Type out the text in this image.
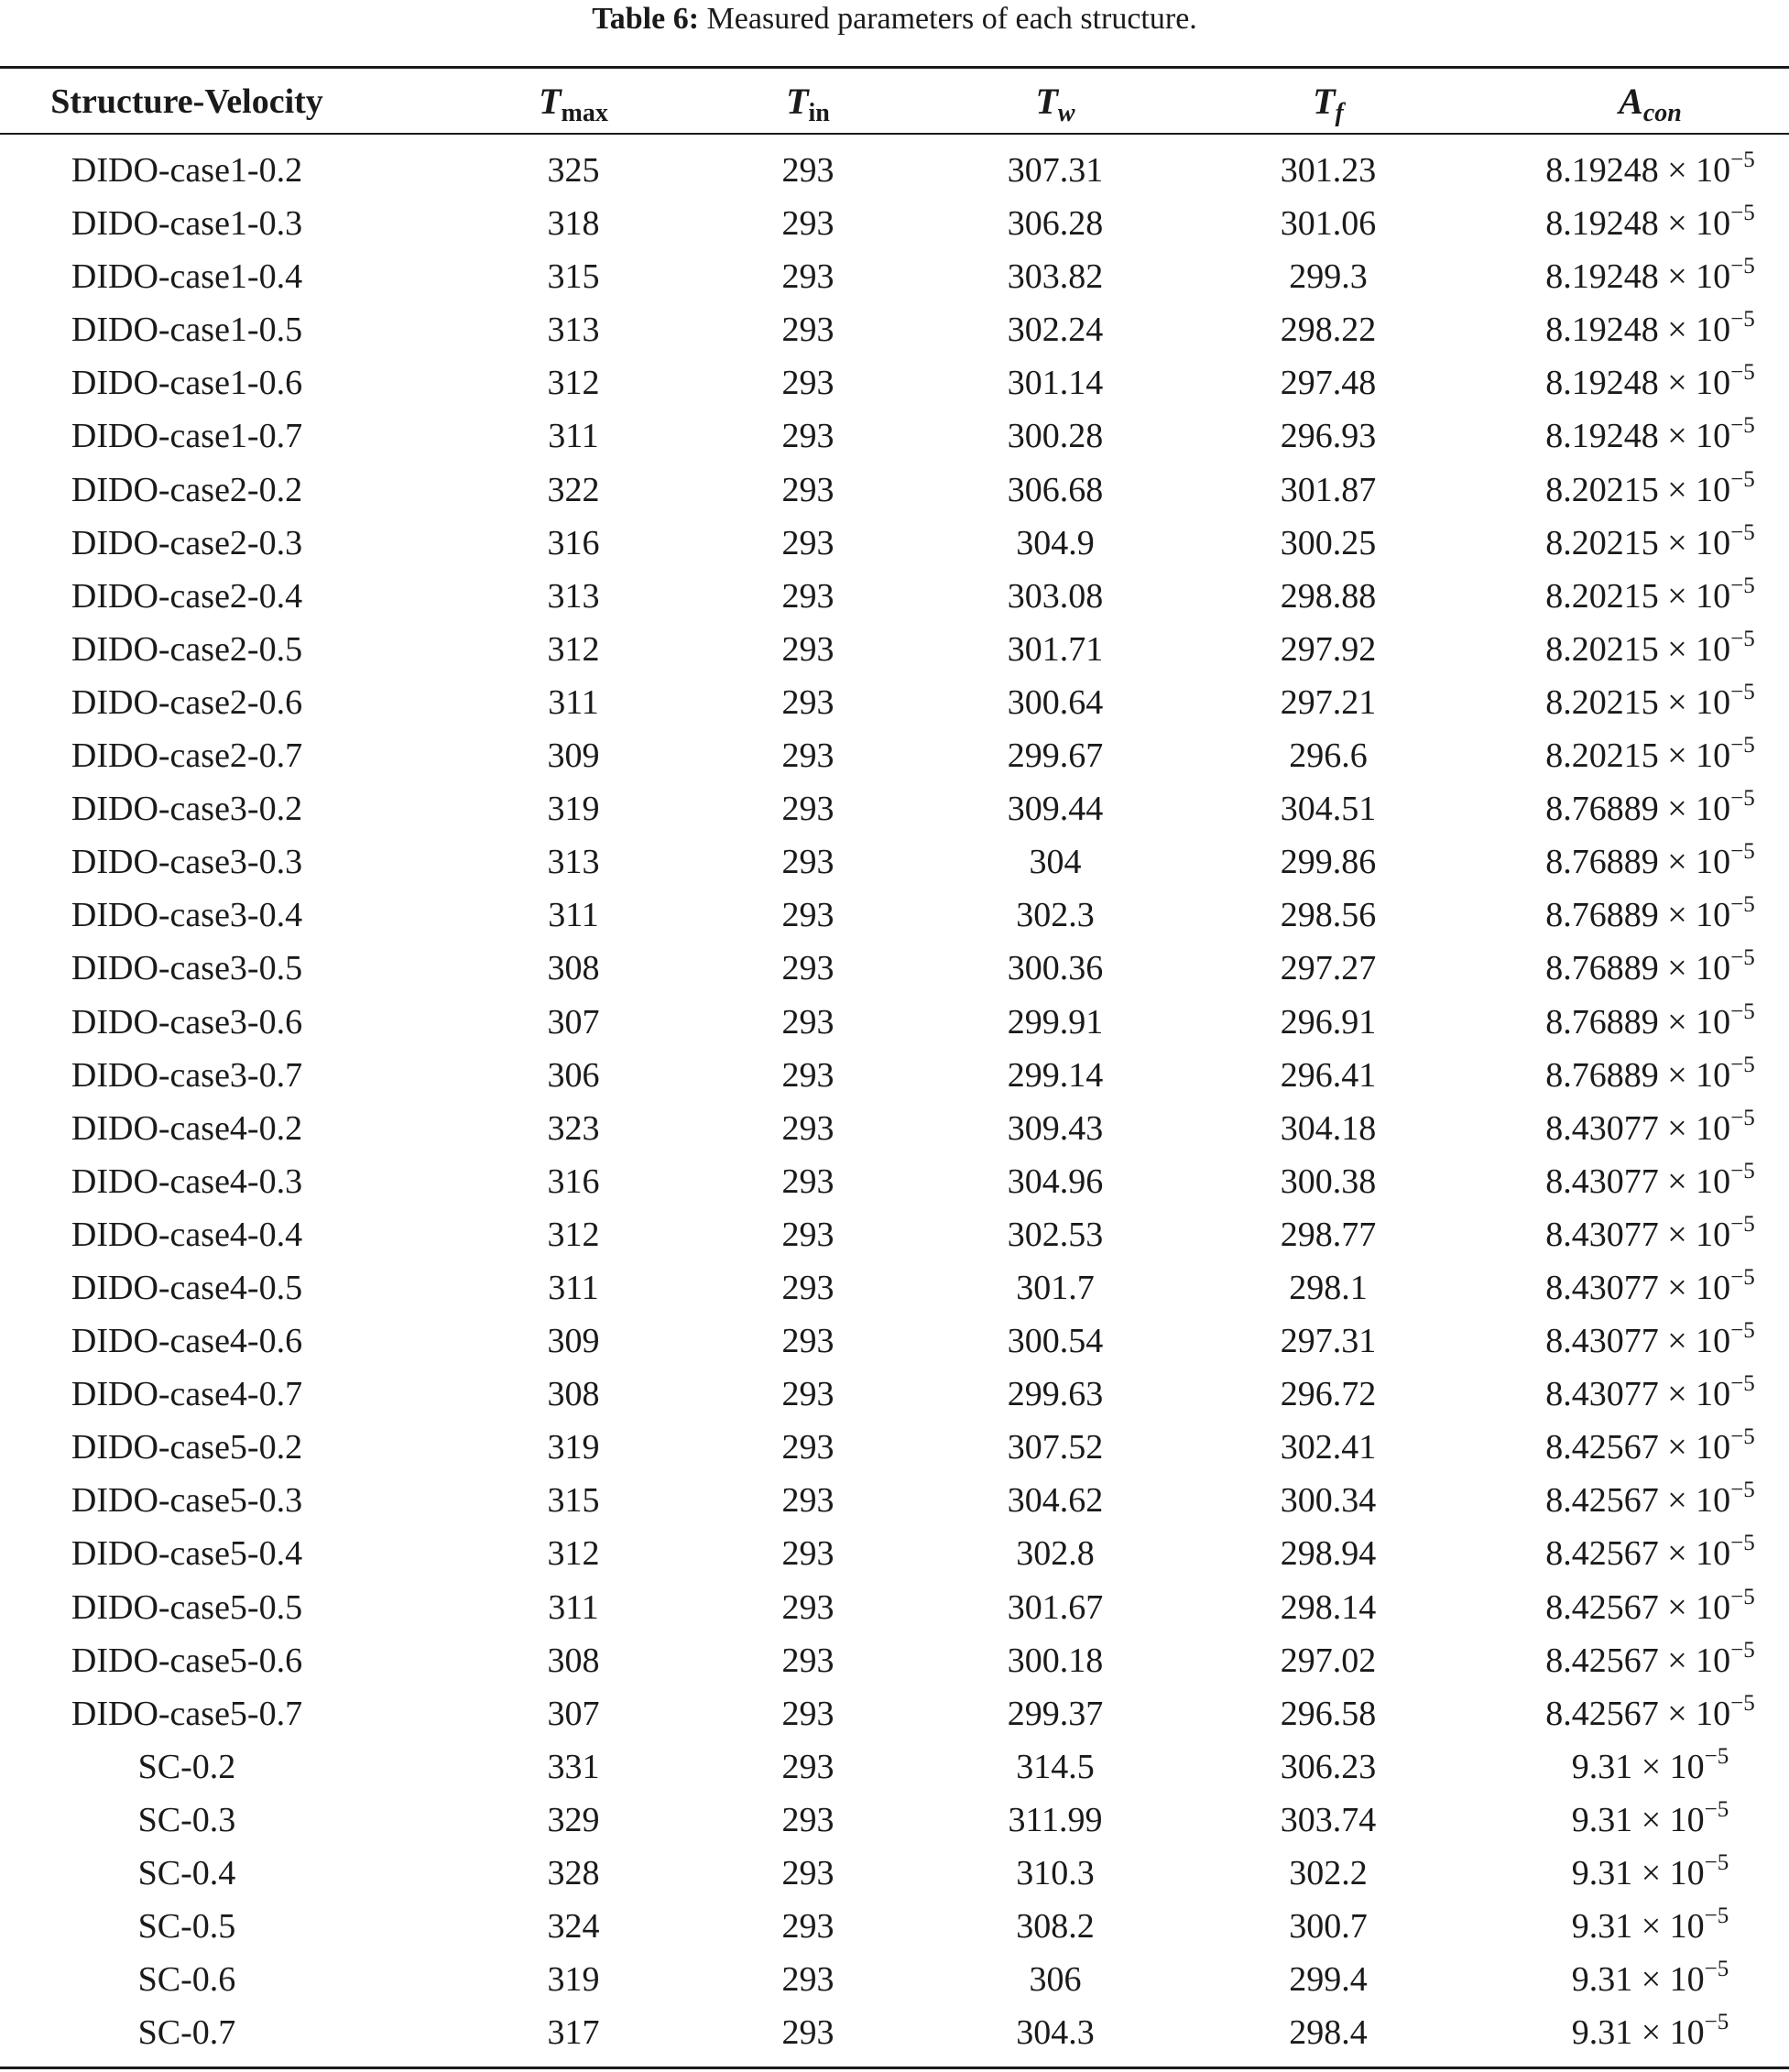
Table 6: Measured parameters of each structure.
Structure-Velocity	$T_{max}$	$T_{in}$	$T_w$	$T_f$	$A_{con}$
DIDO-case1-0.2	325	293	307.31	301.23	$8.19248 \times 10^{-5}$
DIDO-case1-0.3	318	293	306.28	301.06	$8.19248 \times 10^{-5}$
DIDO-case1-0.4	315	293	303.82	299.3	$8.19248 \times 10^{-5}$
DIDO-case1-0.5	313	293	302.24	298.22	$8.19248 \times 10^{-5}$
DIDO-case1-0.6	312	293	301.14	297.48	$8.19248 \times 10^{-5}$
DIDO-case1-0.7	311	293	300.28	296.93	$8.19248 \times 10^{-5}$
DIDO-case2-0.2	322	293	306.68	301.87	$8.20215 \times 10^{-5}$
DIDO-case2-0.3	316	293	304.9	300.25	$8.20215 \times 10^{-5}$
DIDO-case2-0.4	313	293	303.08	298.88	$8.20215 \times 10^{-5}$
DIDO-case2-0.5	312	293	301.71	297.92	$8.20215 \times 10^{-5}$
DIDO-case2-0.6	311	293	300.64	297.21	$8.20215 \times 10^{-5}$
DIDO-case2-0.7	309	293	299.67	296.6	$8.20215 \times 10^{-5}$
DIDO-case3-0.2	319	293	309.44	304.51	$8.76889 \times 10^{-5}$
DIDO-case3-0.3	313	293	304	299.86	$8.76889 \times 10^{-5}$
DIDO-case3-0.4	311	293	302.3	298.56	$8.76889 \times 10^{-5}$
DIDO-case3-0.5	308	293	300.36	297.27	$8.76889 \times 10^{-5}$
DIDO-case3-0.6	307	293	299.91	296.91	$8.76889 \times 10^{-5}$
DIDO-case3-0.7	306	293	299.14	296.41	$8.76889 \times 10^{-5}$
DIDO-case4-0.2	323	293	309.43	304.18	$8.43077 \times 10^{-5}$
DIDO-case4-0.3	316	293	304.96	300.38	$8.43077 \times 10^{-5}$
DIDO-case4-0.4	312	293	302.53	298.77	$8.43077 \times 10^{-5}$
DIDO-case4-0.5	311	293	301.7	298.1	$8.43077 \times 10^{-5}$
DIDO-case4-0.6	309	293	300.54	297.31	$8.43077 \times 10^{-5}$
DIDO-case4-0.7	308	293	299.63	296.72	$8.43077 \times 10^{-5}$
DIDO-case5-0.2	319	293	307.52	302.41	$8.42567 \times 10^{-5}$
DIDO-case5-0.3	315	293	304.62	300.34	$8.42567 \times 10^{-5}$
DIDO-case5-0.4	312	293	302.8	298.94	$8.42567 \times 10^{-5}$
DIDO-case5-0.5	311	293	301.67	298.14	$8.42567 \times 10^{-5}$
DIDO-case5-0.6	308	293	300.18	297.02	$8.42567 \times 10^{-5}$
DIDO-case5-0.7	307	293	299.37	296.58	$8.42567 \times 10^{-5}$
SC-0.2	331	293	314.5	306.23	$9.31 \times 10^{-5}$
SC-0.3	329	293	311.99	303.74	$9.31 \times 10^{-5}$
SC-0.4	328	293	310.3	302.2	$9.31 \times 10^{-5}$
SC-0.5	324	293	308.2	300.7	$9.31 \times 10^{-5}$
SC-0.6	319	293	306	299.4	$9.31 \times 10^{-5}$
SC-0.7	317	293	304.3	298.4	$9.31 \times 10^{-5}$
